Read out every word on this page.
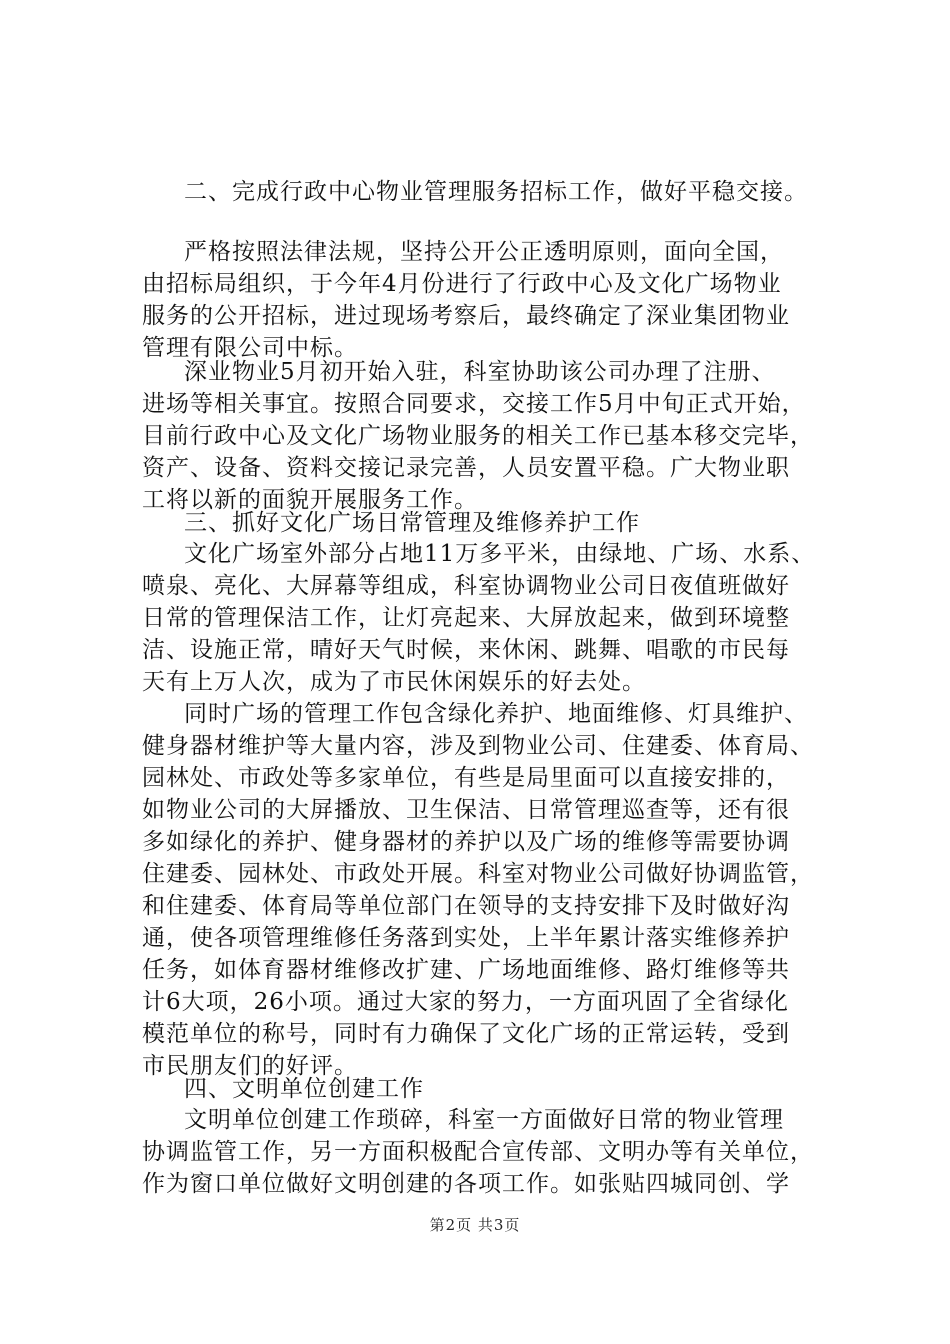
二、完成行政中心物业管理服务招标工作，做好平稳交接。
严格按照法律法规，坚持公开公正透明原则，面向全国，
由招标局组织，于今年4月份进行了行政中心及文化广场物业
服务的公开招标，进过现场考察后，最终确定了深业集团物业
管理有限公司中标。
深业物业5月初开始入驻，科室协助该公司办理了注册、
进场等相关事宜。按照合同要求，交接工作5月中旬正式开始，
目前行政中心及文化广场物业服务的相关工作已基本移交完毕，
资产、设备、资料交接记录完善，人员安置平稳。广大物业职
工将以新的面貌开展服务工作。
三、抓好文化广场日常管理及维修养护工作
文化广场室外部分占地11万多平米，由绿地、广场、水系、
喷泉、亮化、大屏幕等组成，科室协调物业公司日夜值班做好
日常的管理保洁工作，让灯亮起来、大屏放起来，做到环境整
洁、设施正常，晴好天气时候，来休闲、跳舞、唱歌的市民每
天有上万人次，成为了市民休闲娱乐的好去处。
同时广场的管理工作包含绿化养护、地面维修、灯具维护、
健身器材维护等大量内容，涉及到物业公司、住建委、体育局、
园林处、市政处等多家单位，有些是局里面可以直接安排的，
如物业公司的大屏播放、卫生保洁、日常管理巡查等，还有很
多如绿化的养护、健身器材的养护以及广场的维修等需要协调
住建委、园林处、市政处开展。科室对物业公司做好协调监管，
和住建委、体育局等单位部门在领导的支持安排下及时做好沟
通，使各项管理维修任务落到实处，上半年累计落实维修养护
任务，如体育器材维修改扩建、广场地面维修、路灯维修等共
计6大项，26小项。通过大家的努力，一方面巩固了全省绿化
模范单位的称号，同时有力确保了文化广场的正常运转，受到
市民朋友们的好评。
四、文明单位创建工作
文明单位创建工作琐碎，科室一方面做好日常的物业管理
协调监管工作，另一方面积极配合宣传部、文明办等有关单位，
作为窗口单位做好文明创建的各项工作。如张贴四城同创、学
第2页 共3页
